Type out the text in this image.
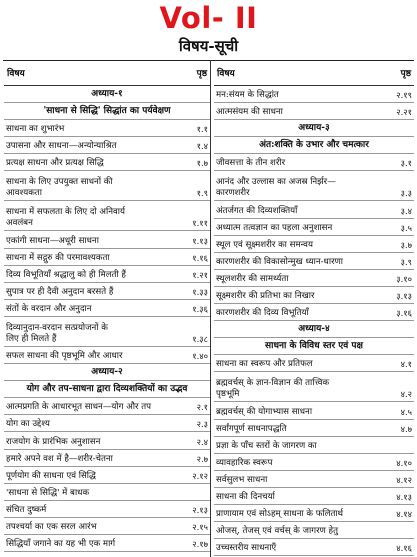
Vol- II
विषय-सूची
विषय	पृष्ठ
अध्याय-१
'साधना से सिद्धि' सिद्धांत का पर्यवेक्षण
साधना का शुभारंभ	१.१
उपासना और साधना—अन्योन्याश्रित	१.४
प्रत्यक्ष साधना और प्रत्यक्ष सिद्धि	१.७
साधना के लिए उपयुक्त साधनों की
आवश्यकता	१.९
साधना में सफलता के लिए दो अनिवार्य
अवलंबन	१.११
एकांगी साधना—अधूरी साधना	१.१३
साधना में सद्गुरु की परमावश्यकता	१.१६
दिव्य विभूतियाँ श्रद्धालु को ही मिलती हैं	१.२१
सुपात्र पर ही दैवी अनुदान बरसते हैं	१.३३
संतों के वरदान और अनुदान	१.३६
दिव्यानुदान-वरदान सत्प्रयोजनों के
लिए ही मिलते हैं	१.३८
सफल साधना की पृष्ठभूमि और आधार	१.४०
अध्याय-२
योग और तप-साधना द्वारा दिव्यशक्तियों का उद्भव
आत्मप्रगति के आधारभूत साधन—योग और तप	२.१
योग का उद्देश्य	२.३
राजयोग के प्रारंभिक अनुशासन	२.४
हमारे अपने वश में है—शरीर-चेतना	२.७
पूर्णयोग की साधना एवं सिद्धि	२.१२
'साधना से सिद्धि' में बाधक
संचित दुष्कर्म	२.१३
तपश्चर्या का एक सरल आरंभ	२.१५
सिद्धियाँ जगाने का यह भी एक मार्ग	२.१७
विषय	पृष्ठ
मन:संयम के सिद्धांत	२.१९
आत्मसंयम की साधना	२.२१
अध्याय-३
अंत:शक्ति के उभार और चमत्कार
जीवसत्ता के तीन शरीर	३.१
आनंद और उल्लास का अजस्र निर्झर—
कारणशरीर	३.३
अंतर्जगत की दिव्यशक्तियाँ	३.४
अध्यात्म तत्वज्ञान का पहला अनुशासन	३.५
स्थूल एवं सूक्ष्मशरीर का समन्वय	३.७
कारणशरीर की विकासोन्मुख ध्यान-धारणा	३.९
स्थूलशरीर की सामर्थ्यता	३.१०
सूक्ष्मशरीर की प्रतिभा का निखार	३.१३
कारणशरीर की दिव्य विभूतियाँ	३.१६
अध्याय-४
साधना के विविध स्तर एवं पक्ष
साधना का स्वरूप और प्रतिफल	४.१
ब्रह्मवर्चस् के ज्ञान-विज्ञान की तात्त्विक
पृष्ठभूमि	४.२
ब्रह्मवर्चस् की योगाभ्यास साधना	४.५
सर्वांगपूर्ण साधनापद्धति	४.७
प्रज्ञा के पाँच स्तरों के जागरण का
व्यावहारिक स्वरूप	४.१०
सर्वसुलभ साधना	४.१२
साधना की दिनचर्या	४.१३
प्राणायाम एवं सोऽहम् साधना के फलितार्थ	४.१४
ओजस्, तेजस् एवं वर्चस् के जागरण हेतु
उच्चस्तरीय साधनाएँ	४.१६
